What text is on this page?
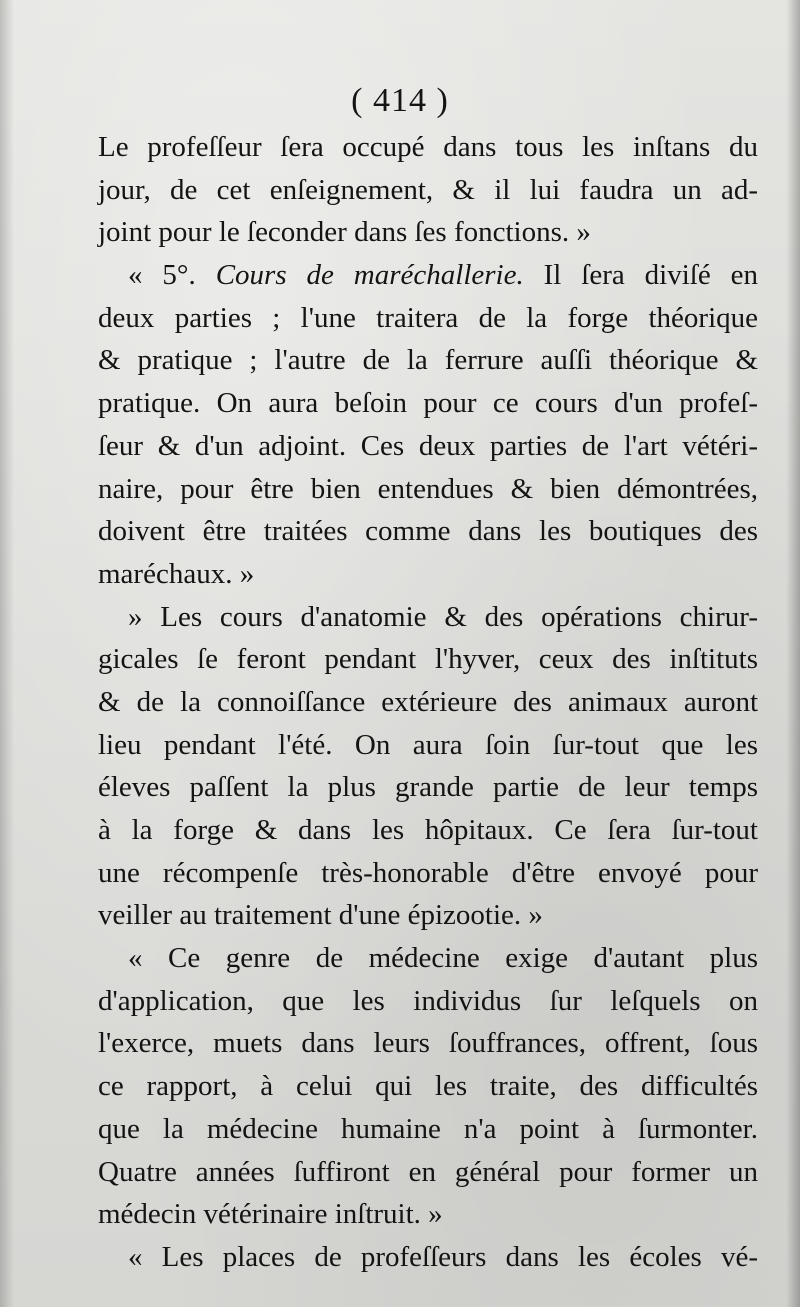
( 414 )
Le profeſſeur ſera occupé dans tous les inſtans du
jour, de cet enſeignement, & il lui faudra un ad-
joint pour le ſeconder dans ſes fonctions. »
« 5°. Cours de maréchallerie. Il ſera diviſé en
deux parties ; l'une traitera de la forge théorique
& pratique ; l'autre de la ferrure auſſi théorique &
pratique. On aura beſoin pour ce cours d'un profeſ-
ſeur & d'un adjoint. Ces deux parties de l'art vétéri-
naire, pour être bien entendues & bien démontrées,
doivent être traitées comme dans les boutiques des
maréchaux. »
» Les cours d'anatomie & des opérations chirur-
gicales ſe feront pendant l'hyver, ceux des inſtituts
& de la connoiſſance extérieure des animaux auront
lieu pendant l'été. On aura ſoin ſur-tout que les
éleves paſſent la plus grande partie de leur temps
à la forge & dans les hôpitaux. Ce ſera ſur-tout
une récompenſe très-honorable d'être envoyé pour
veiller au traitement d'une épizootie. »
« Ce genre de médecine exige d'autant plus
d'application, que les individus ſur leſquels on
l'exerce, muets dans leurs ſouffrances, offrent, ſous
ce rapport, à celui qui les traite, des difficultés
que la médecine humaine n'a point à ſurmonter.
Quatre années ſuffiront en général pour former un
médecin vétérinaire inſtruit. »
« Les places de profeſſeurs dans les écoles vé-
